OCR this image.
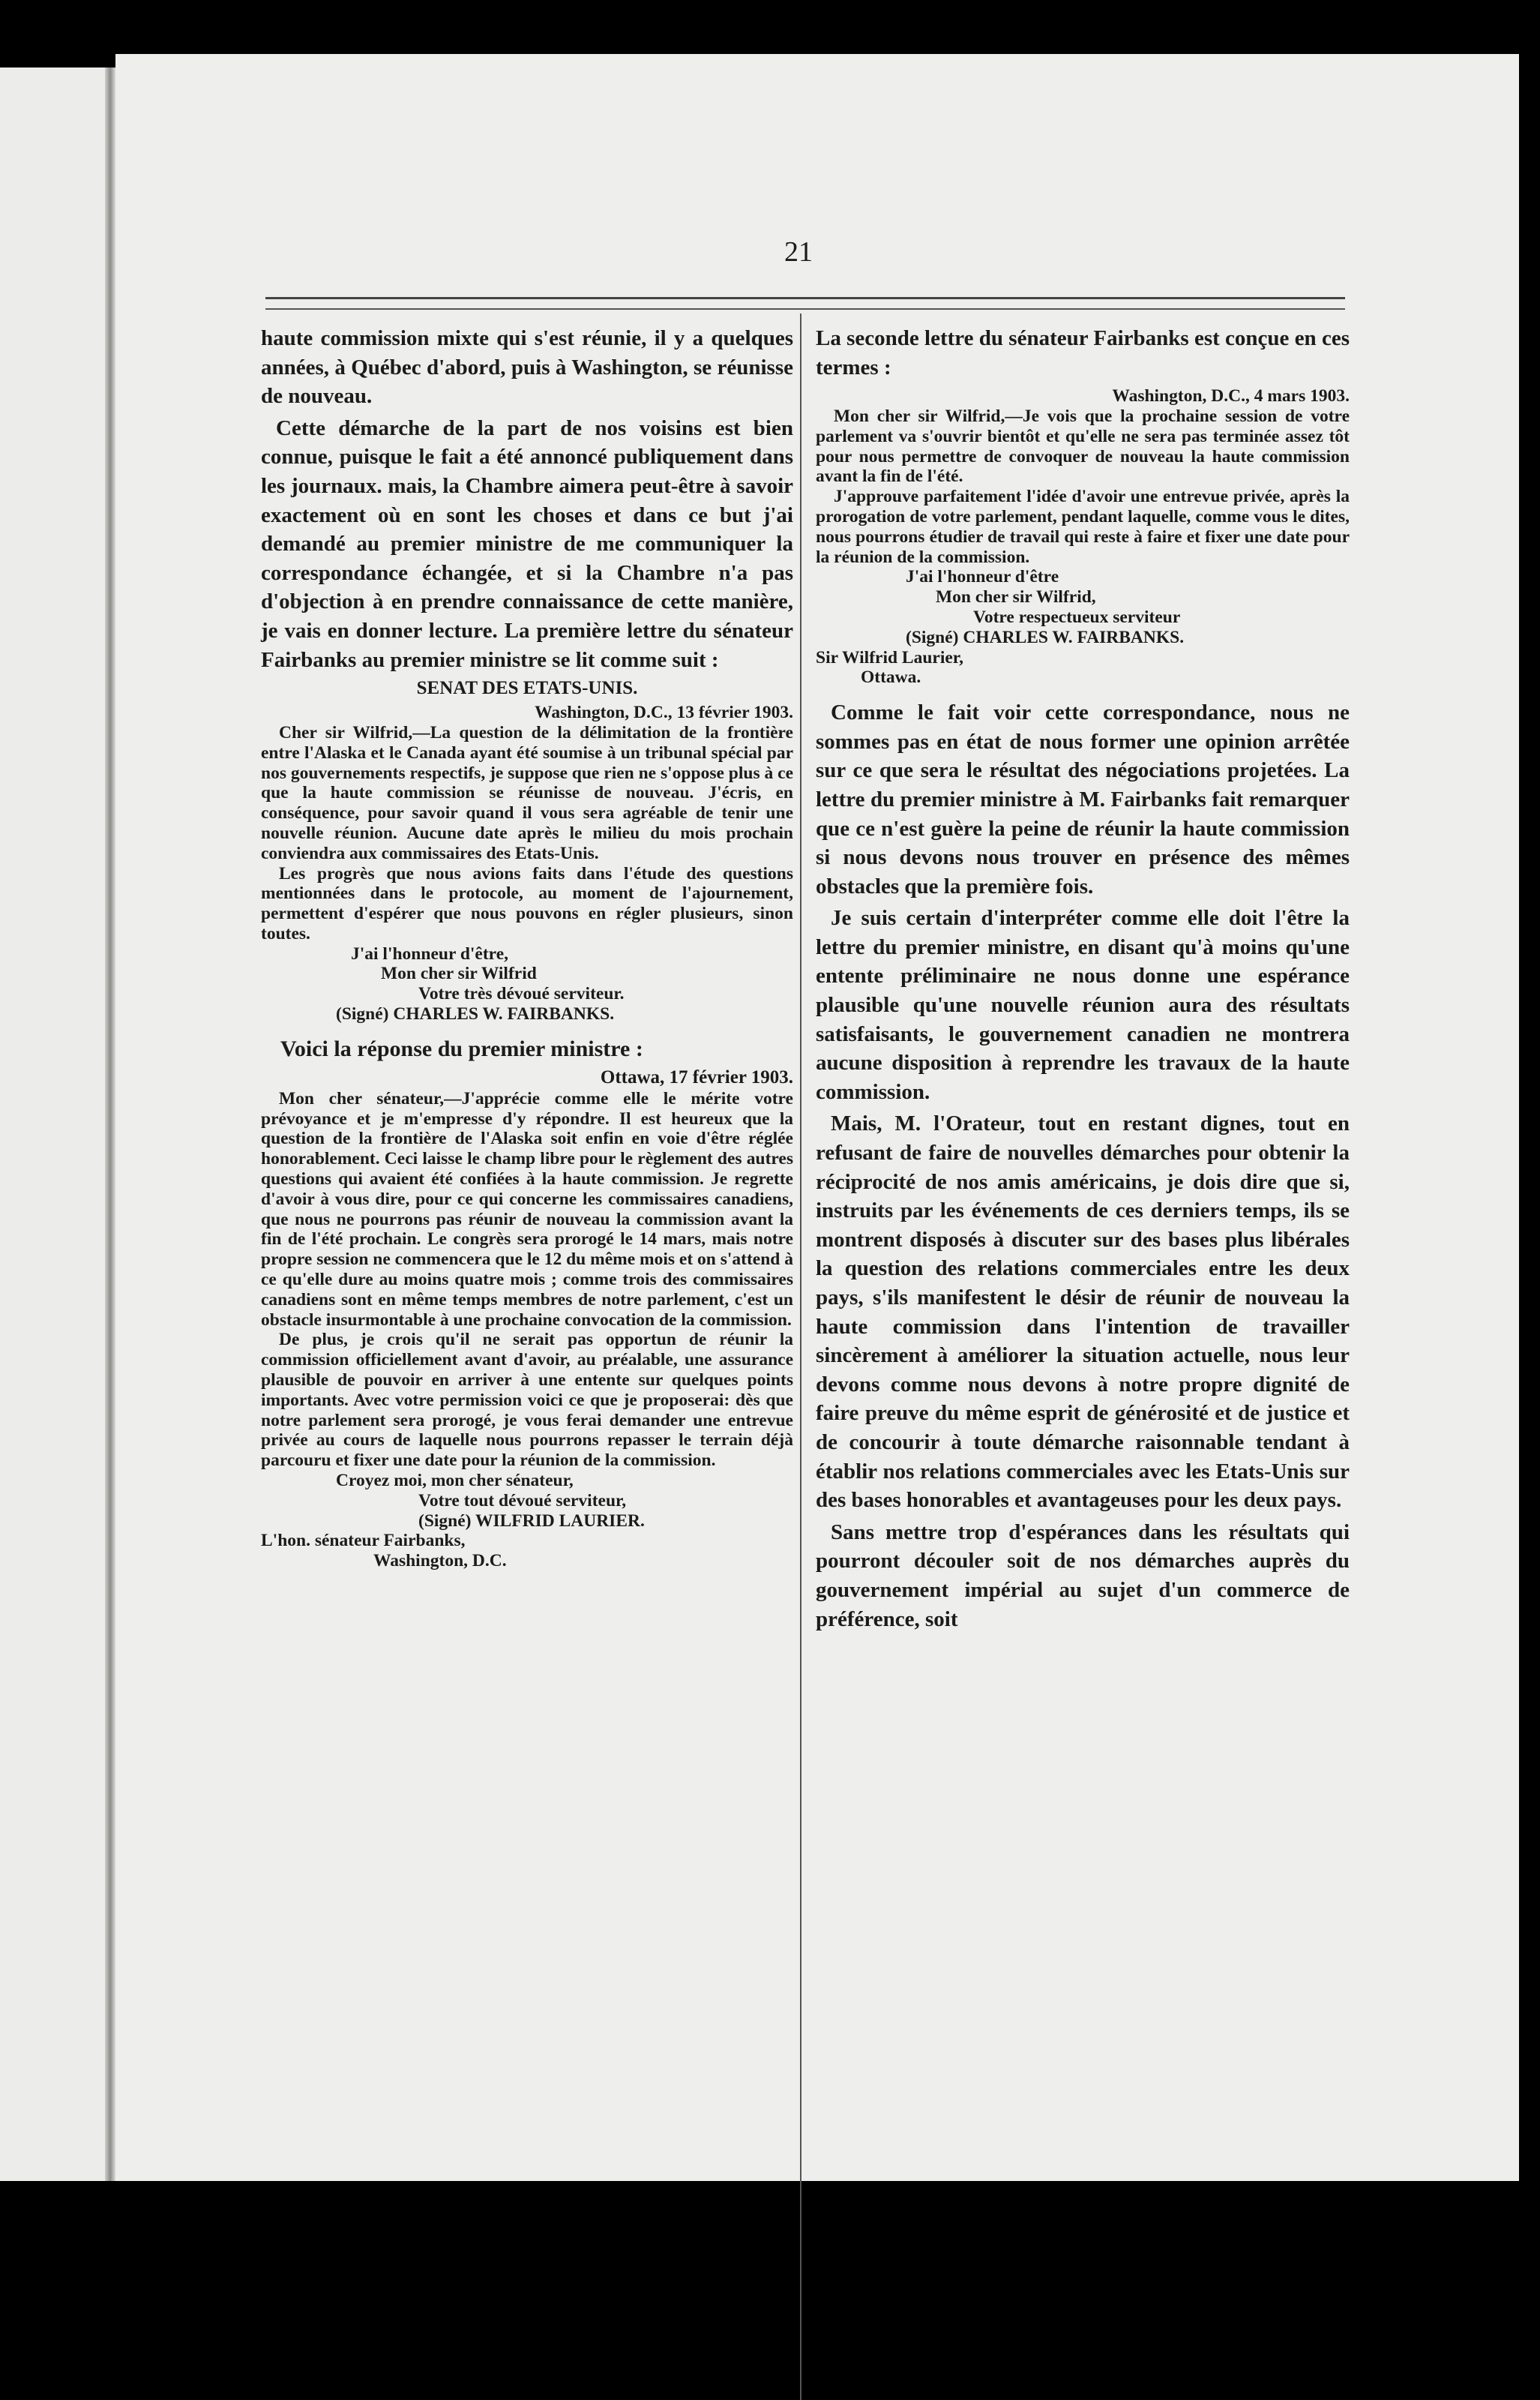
21

haute commission mixte qui s'est réunie, il y a quelques années, à Québec d'abord, puis à Washington, se réunisse de nouveau.

Cette démarche de la part de nos voisins est bien connue, puisque le fait a été annoncé publiquement dans les journaux. mais, la Chambre aimera peut-être à savoir exactement où en sont les choses et dans ce but j'ai demandé au premier ministre de me communiquer la correspondance échangée, et si la Chambre n'a pas d'objection à en prendre connaissance de cette manière, je vais en donner lecture. La première lettre du sénateur Fairbanks au premier ministre se lit comme suit :

SENAT DES ETATS-UNIS.
Washington, D.C., 13 février 1903.

Cher sir Wilfrid,—La question de la délimitation de la frontière entre l'Alaska et le Canada ayant été soumise à un tribunal spécial par nos gouvernements respectifs, je suppose que rien ne s'oppose plus à ce que la haute commission se réunisse de nouveau. J'écris, en conséquence, pour savoir quand il vous sera agréable de tenir une nouvelle réunion. Aucune date après le milieu du mois prochain conviendra aux commissaires des Etats-Unis.

Les progrès que nous avions faits dans l'étude des questions mentionnées dans le protocole, au moment de l'ajournement, permettent d'espérer que nous pouvons en régler plusieurs, sinon toutes.

J'ai l'honneur d'être,
Mon cher sir Wilfrid
Votre très dévoué serviteur.
(Signé) CHARLES W. FAIRBANKS.
Voici la réponse du premier ministre :
Ottawa, 17 février 1903.

Mon cher sénateur,—J'apprécie comme elle le mérite votre prévoyance et je m'empresse d'y répondre. Il est heureux que la question de la frontière de l'Alaska soit enfin en voie d'être réglée honorablement. Ceci laisse le champ libre pour le règlement des autres questions qui avaient été confiées à la haute commission. Je regrette d'avoir à vous dire, pour ce qui concerne les commissaires canadiens, que nous ne pourrons pas réunir de nouveau la commission avant la fin de l'été prochain. Le congrès sera prorogé le 14 mars, mais notre propre session ne commencera que le 12 du même mois et on s'attend à ce qu'elle dure au moins quatre mois ; comme trois des commissaires canadiens sont en même temps membres de notre parlement, c'est un obstacle insurmontable à une prochaine convocation de la commission.

De plus, je crois qu'il ne serait pas opportun de réunir la commission officiellement avant d'avoir, au préalable, une assurance plausible de pouvoir en arriver à une entente sur quelques points importants. Avec votre permission voici ce que je proposerai: dès que notre parlement sera prorogé, je vous ferai demander une entrevue privée au cours de laquelle nous pourrons repasser le terrain déjà parcouru et fixer une date pour la réunion de la commission.

Croyez moi, mon cher sénateur,
Votre tout dévoué serviteur,
(Signé) WILFRID LAURIER.
L'hon. sénateur Fairbanks,
Washington, D.C.

La seconde lettre du sénateur Fairbanks est conçue en ces termes :

Washington, D.C., 4 mars 1903.

Mon cher sir Wilfrid,—Je vois que la prochaine session de votre parlement va s'ouvrir bientôt et qu'elle ne sera pas terminée assez tôt pour nous permettre de convoquer de nouveau la haute commission avant la fin de l'été.

J'approuve parfaitement l'idée d'avoir une entrevue privée, après la prorogation de votre parlement, pendant laquelle, comme vous le dites, nous pourrons étudier de travail qui reste à faire et fixer une date pour la réunion de la commission.

J'ai l'honneur d'être
Mon cher sir Wilfrid,
Votre respectueux serviteur
(Signé) CHARLES W. FAIRBANKS.
Sir Wilfrid Laurier,
Ottawa.

Comme le fait voir cette correspondance, nous ne sommes pas en état de nous former une opinion arrêtée sur ce que sera le résultat des négociations projetées. La lettre du premier ministre à M. Fairbanks fait remarquer que ce n'est guère la peine de réunir la haute commission si nous devons nous trouver en présence des mêmes obstacles que la première fois.

Je suis certain d'interpréter comme elle doit l'être la lettre du premier ministre, en disant qu'à moins qu'une entente préliminaire ne nous donne une espérance plausible qu'une nouvelle réunion aura des résultats satisfaisants, le gouvernement canadien ne montrera aucune disposition à reprendre les travaux de la haute commission.

Mais, M. l'Orateur, tout en restant dignes, tout en refusant de faire de nouvelles démarches pour obtenir la réciprocité de nos amis américains, je dois dire que si, instruits par les événements de ces derniers temps, ils se montrent disposés à discuter sur des bases plus libérales la question des relations commerciales entre les deux pays, s'ils manifestent le désir de réunir de nouveau la haute commission dans l'intention de travailler sincèrement à améliorer la situation actuelle, nous leur devons comme nous devons à notre propre dignité de faire preuve du même esprit de générosité et de justice et de concourir à toute démarche raisonnable tendant à établir nos relations commerciales avec les Etats-Unis sur des bases honorables et avantageuses pour les deux pays.

Sans mettre trop d'espérances dans les résultats qui pourront découler soit de nos démarches auprès du gouvernement impérial au sujet d'un commerce de préférence, soit
